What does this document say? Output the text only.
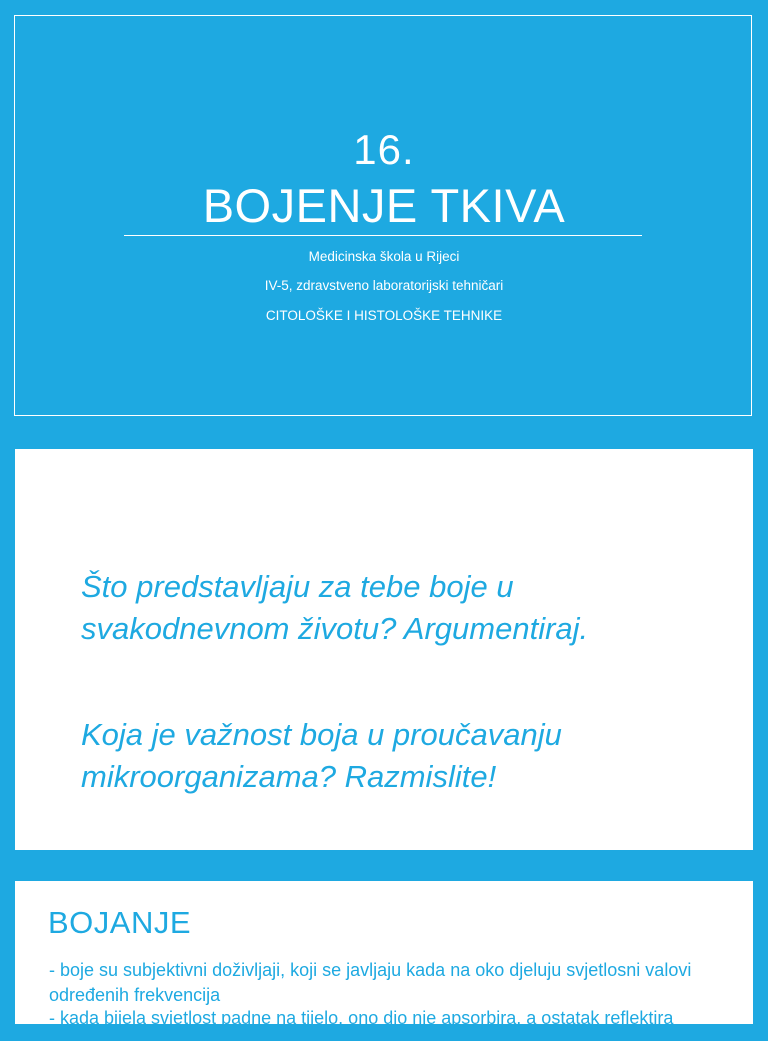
16.
BOJENJE TKIVA
Medicinska škola u Rijeci
IV-5, zdravstveno laboratorijski tehničari
CITOLOŠKE I HISTOLOŠKE TEHNIKE
Što predstavljaju za tebe boje u svakodnevnom životu? Argumentiraj.
Koja je važnost boja u proučavanju mikroorganizama? Razmislite!
BOJANJE
- boje su subjektivni doživljaji, koji se javljaju kada na oko djeluju svjetlosni valovi određenih frekvencija
- kada bijela svjetlost padne na tijelo, ono dio nje apsorbira, a ostatak reflektira
